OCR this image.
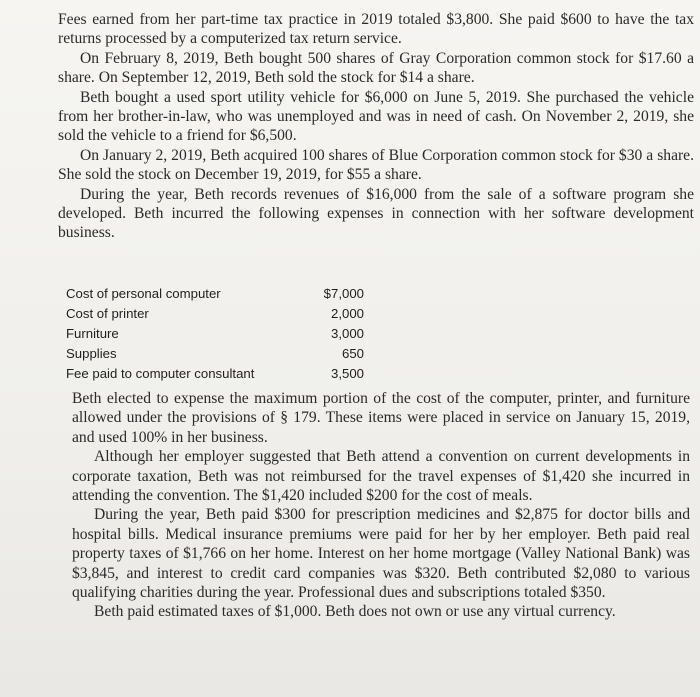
Fees earned from her part-time tax practice in 2019 totaled $3,800. She paid $600 to have the tax returns processed by a computerized tax return service.

On February 8, 2019, Beth bought 500 shares of Gray Corporation common stock for $17.60 a share. On September 12, 2019, Beth sold the stock for $14 a share.

Beth bought a used sport utility vehicle for $6,000 on June 5, 2019. She purchased the vehicle from her brother-in-law, who was unemployed and was in need of cash. On November 2, 2019, she sold the vehicle to a friend for $6,500.

On January 2, 2019, Beth acquired 100 shares of Blue Corporation common stock for $30 a share. She sold the stock on December 19, 2019, for $55 a share.

During the year, Beth records revenues of $16,000 from the sale of a software program she developed. Beth incurred the following expenses in connection with her software development business.

Cost of personal computer	$7,000
Cost of printer	2,000
Furniture	3,000
Supplies	650
Fee paid to computer consultant	3,500

Beth elected to expense the maximum portion of the cost of the computer, printer, and furniture allowed under the provisions of § 179. These items were placed in service on January 15, 2019, and used 100% in her business.

Although her employer suggested that Beth attend a convention on current developments in corporate taxation, Beth was not reimbursed for the travel expenses of $1,420 she incurred in attending the convention. The $1,420 included $200 for the cost of meals.

During the year, Beth paid $300 for prescription medicines and $2,875 for doctor bills and hospital bills. Medical insurance premiums were paid for her by her employer. Beth paid real property taxes of $1,766 on her home. Interest on her home mortgage (Valley National Bank) was $3,845, and interest to credit card companies was $320. Beth contributed $2,080 to various qualifying charities during the year. Professional dues and subscriptions totaled $350.

Beth paid estimated taxes of $1,000. Beth does not own or use any virtual currency.
